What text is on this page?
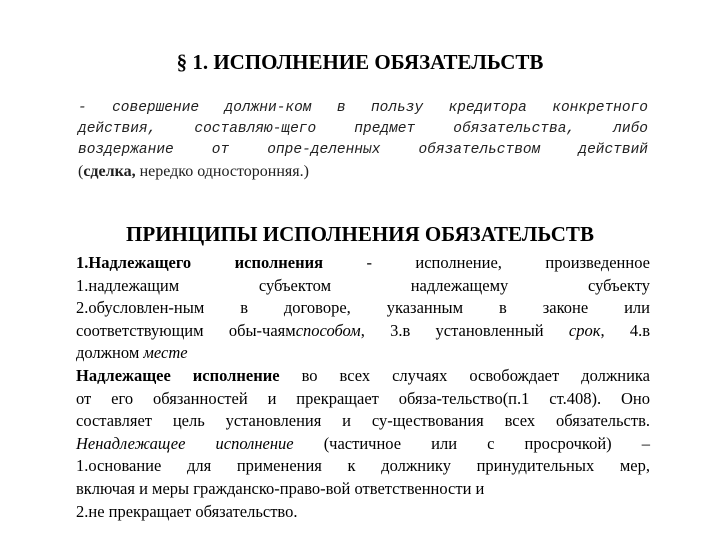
§ 1. ИСПОЛНЕНИЕ ОБЯЗАТЕЛЬСТВ
- совершение должни-ком в пользу кредитора конкретного
действия, составляю-щего предмет обязательства, либо
воздержание от опре-деленных обязательством действий
(сделка, нередко односторонняя.)
ПРИНЦИПЫ ИСПОЛНЕНИЯ ОБЯЗАТЕЛЬСТВ
1.Надлежащего исполнения - исполнение, произведенное
1.надлежащим субъектом надлежащему субъекту
2.обусловлен-ным в договоре, указанным в законе или
соответствующим обы-чаямспособом, 3.в установленный срок, 4.в
должном месте
Надлежащее исполнение во всех случаях освобождает должника
от его обязанностей и прекращает обяза-тельство(п.1 ст.408). Оно
составляет цель установления и су-ществования всех обязательств.
Ненадлежащее исполнение (частичное или с просрочкой) –
1.основание для применения к должнику принудительных мер,
включая и меры гражданско-право-вой ответственности и
2.не прекращает обязательство.
